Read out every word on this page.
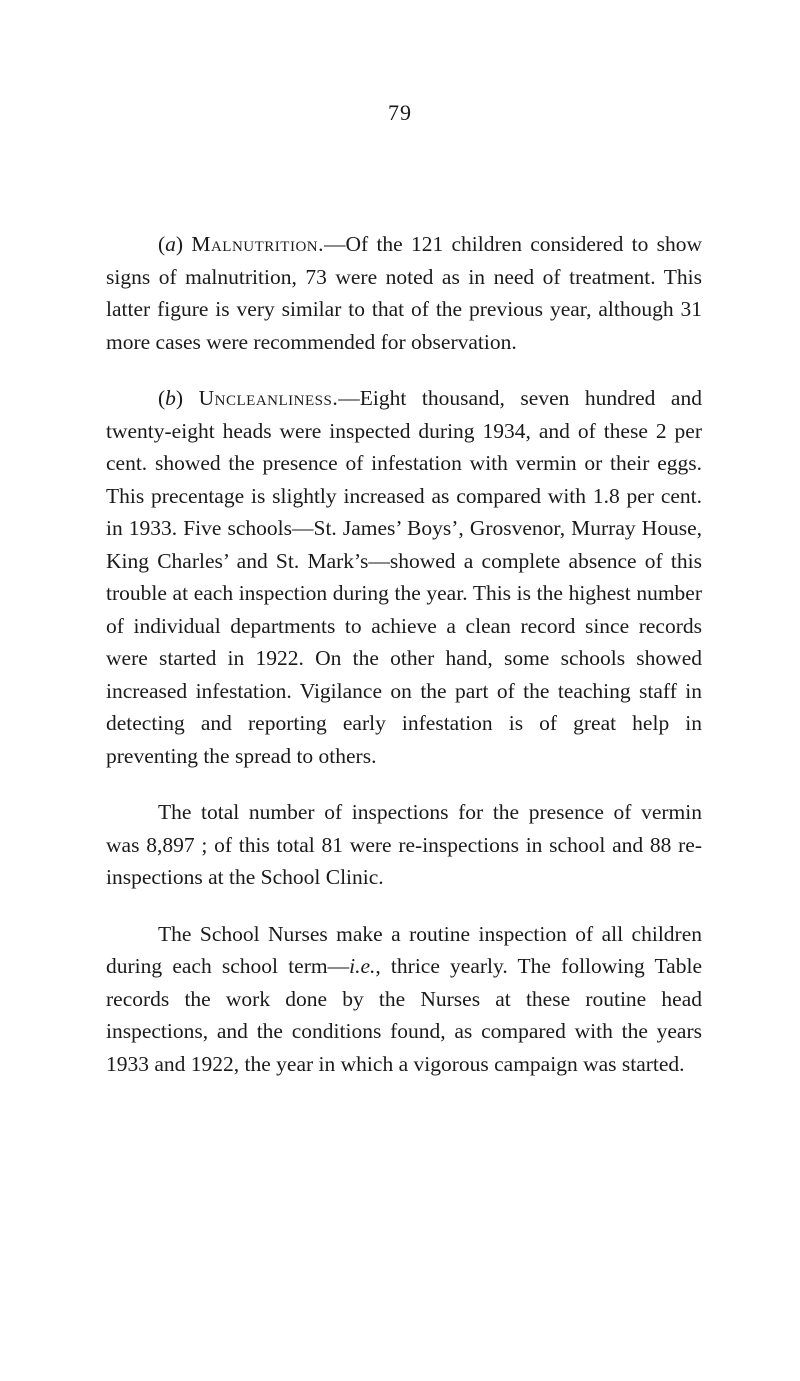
79

(a) Malnutrition.—Of the 121 children considered to show signs of malnutrition, 73 were noted as in need of treatment. This latter figure is very similar to that of the previous year, although 31 more cases were recommended for observation.

(b) Uncleanliness.—Eight thousand, seven hundred and twenty-eight heads were inspected during 1934, and of these 2 per cent. showed the presence of infestation with vermin or their eggs. This precentage is slightly increased as compared with 1.8 per cent. in 1933. Five schools—St. James’ Boys’, Grosvenor, Murray House, King Charles’ and St. Mark’s—showed a complete absence of this trouble at each inspection during the year. This is the highest number of individual departments to achieve a clean record since records were started in 1922. On the other hand, some schools showed increased infestation. Vigilance on the part of the teaching staff in detecting and reporting early infestation is of great help in preventing the spread to others.

The total number of inspections for the presence of vermin was 8,897 ; of this total 81 were re-inspections in school and 88 re-inspections at the School Clinic.

The School Nurses make a routine inspection of all children during each school term—i.e., thrice yearly. The following Table records the work done by the Nurses at these routine head inspections, and the conditions found, as compared with the years 1933 and 1922, the year in which a vigorous campaign was started.
